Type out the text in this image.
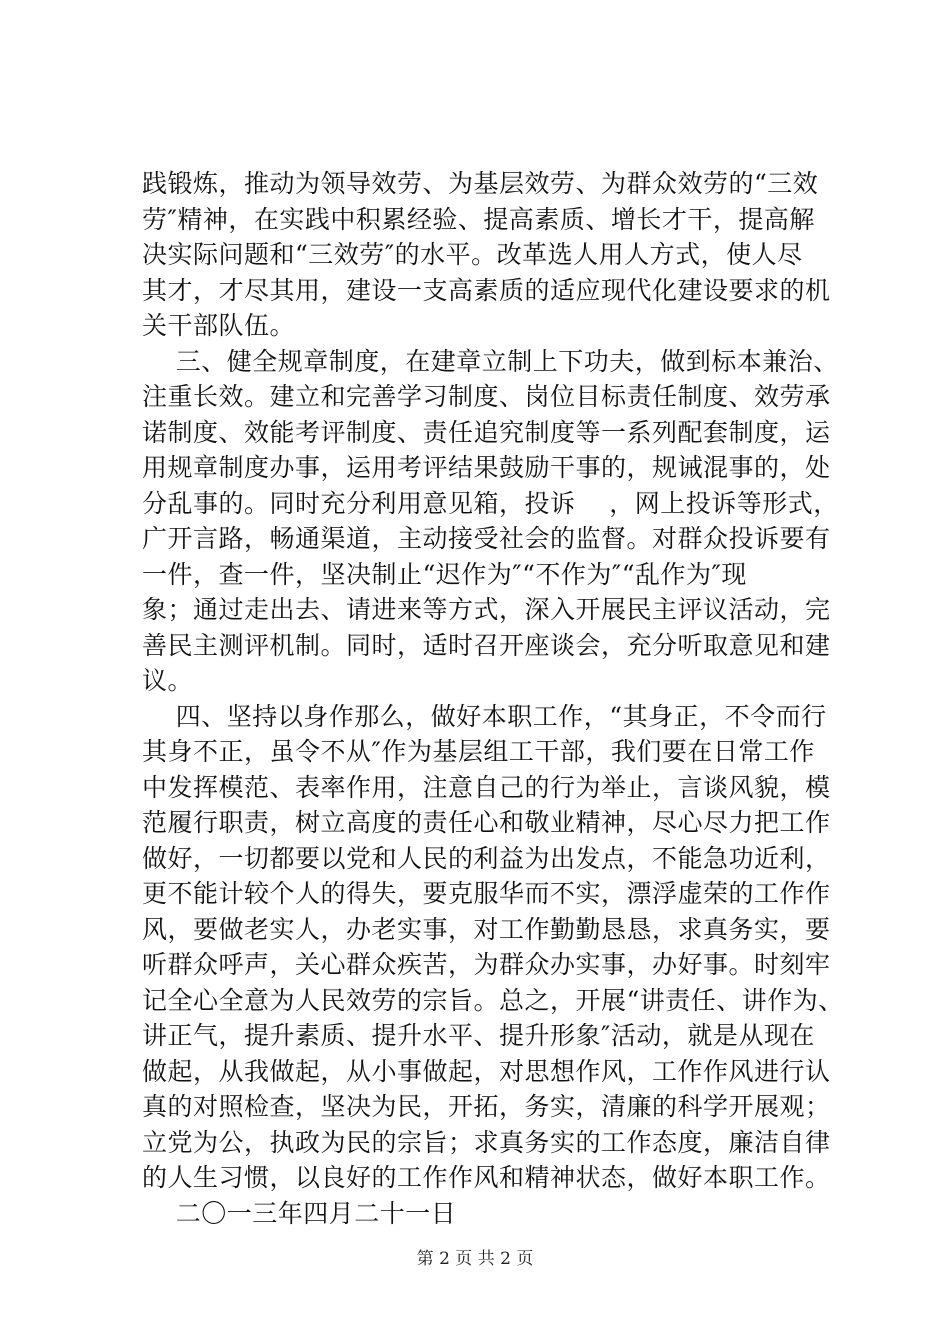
践锻炼，推动为领导效劳、为基层效劳、为群众效劳的“三效
劳″精神，在实践中积累经验、提高素质、增长才干，提高解
决实际问题和“三效劳″的水平。改革选人用人方式，使人尽
其才，才尽其用，建设一支高素质的适应现代化建设要求的机
关干部队伍。
三、健全规章制度，在建章立制上下功夫，做到标本兼治、
注重长效。建立和完善学习制度、岗位目标责任制度、效劳承
诺制度、效能考评制度、责任追究制度等一系列配套制度，运
用规章制度办事，运用考评结果鼓励干事的，规诫混事的，处
分乱事的。同时充分利用意见箱，投诉    ，网上投诉等形式，
广开言路，畅通渠道，主动接受社会的监督。对群众投诉要有
一件，查一件，坚决制止“迟作为″“不作为″“乱作为″现
象；通过走出去、请进来等方式，深入开展民主评议活动，完
善民主测评机制。同时，适时召开座谈会，充分听取意见和建
议。
四、坚持以身作那么，做好本职工作，“其身正，不令而行
其身不正，虽令不从″作为基层组工干部，我们要在日常工作
中发挥模范、表率作用，注意自己的行为举止，言谈风貌，模
范履行职责，树立高度的责任心和敬业精神，尽心尽力把工作
做好，一切都要以党和人民的利益为出发点，不能急功近利，
更不能计较个人的得失，要克服华而不实，漂浮虚荣的工作作
风，要做老实人，办老实事，对工作勤勤恳恳，求真务实，要
听群众呼声，关心群众疾苦，为群众办实事，办好事。时刻牢
记全心全意为人民效劳的宗旨。总之，开展“讲责任、讲作为、
讲正气，提升素质、提升水平、提升形象″活动，就是从现在
做起，从我做起，从小事做起，对思想作风，工作作风进行认
真的对照检查，坚决为民，开拓，务实，清廉的科学开展观；
立党为公，执政为民的宗旨；求真务实的工作态度，廉洁自律
的人生习惯，以良好的工作作风和精神状态，做好本职工作。
二〇一三年四月二十一日
第 2 页 共 2 页
